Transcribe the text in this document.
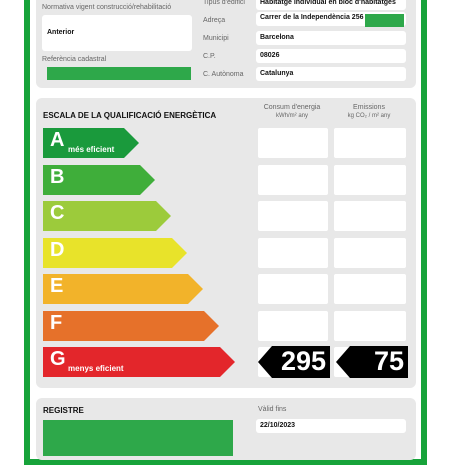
Normativa vigent construcció/rehabilitació
Anterior
Referència cadastral
Tipus d'edifici Habitatge individual en bloc d'habitatges
Adreça	Carrer de la Independència 256
Municipi	Barcelona
C.P.	08026
C. Autònoma Catalunya
ESCALA DE LA QUALIFICACIÓ ENERGÈTICA
Consum d'energia
kWh/m² any
Emissions
kg CO₂ / m² any
A més eficient
B
C
D
E
F
G menys eficient	295 75
REGISTRE	Vàlid fins
22/10/2023
